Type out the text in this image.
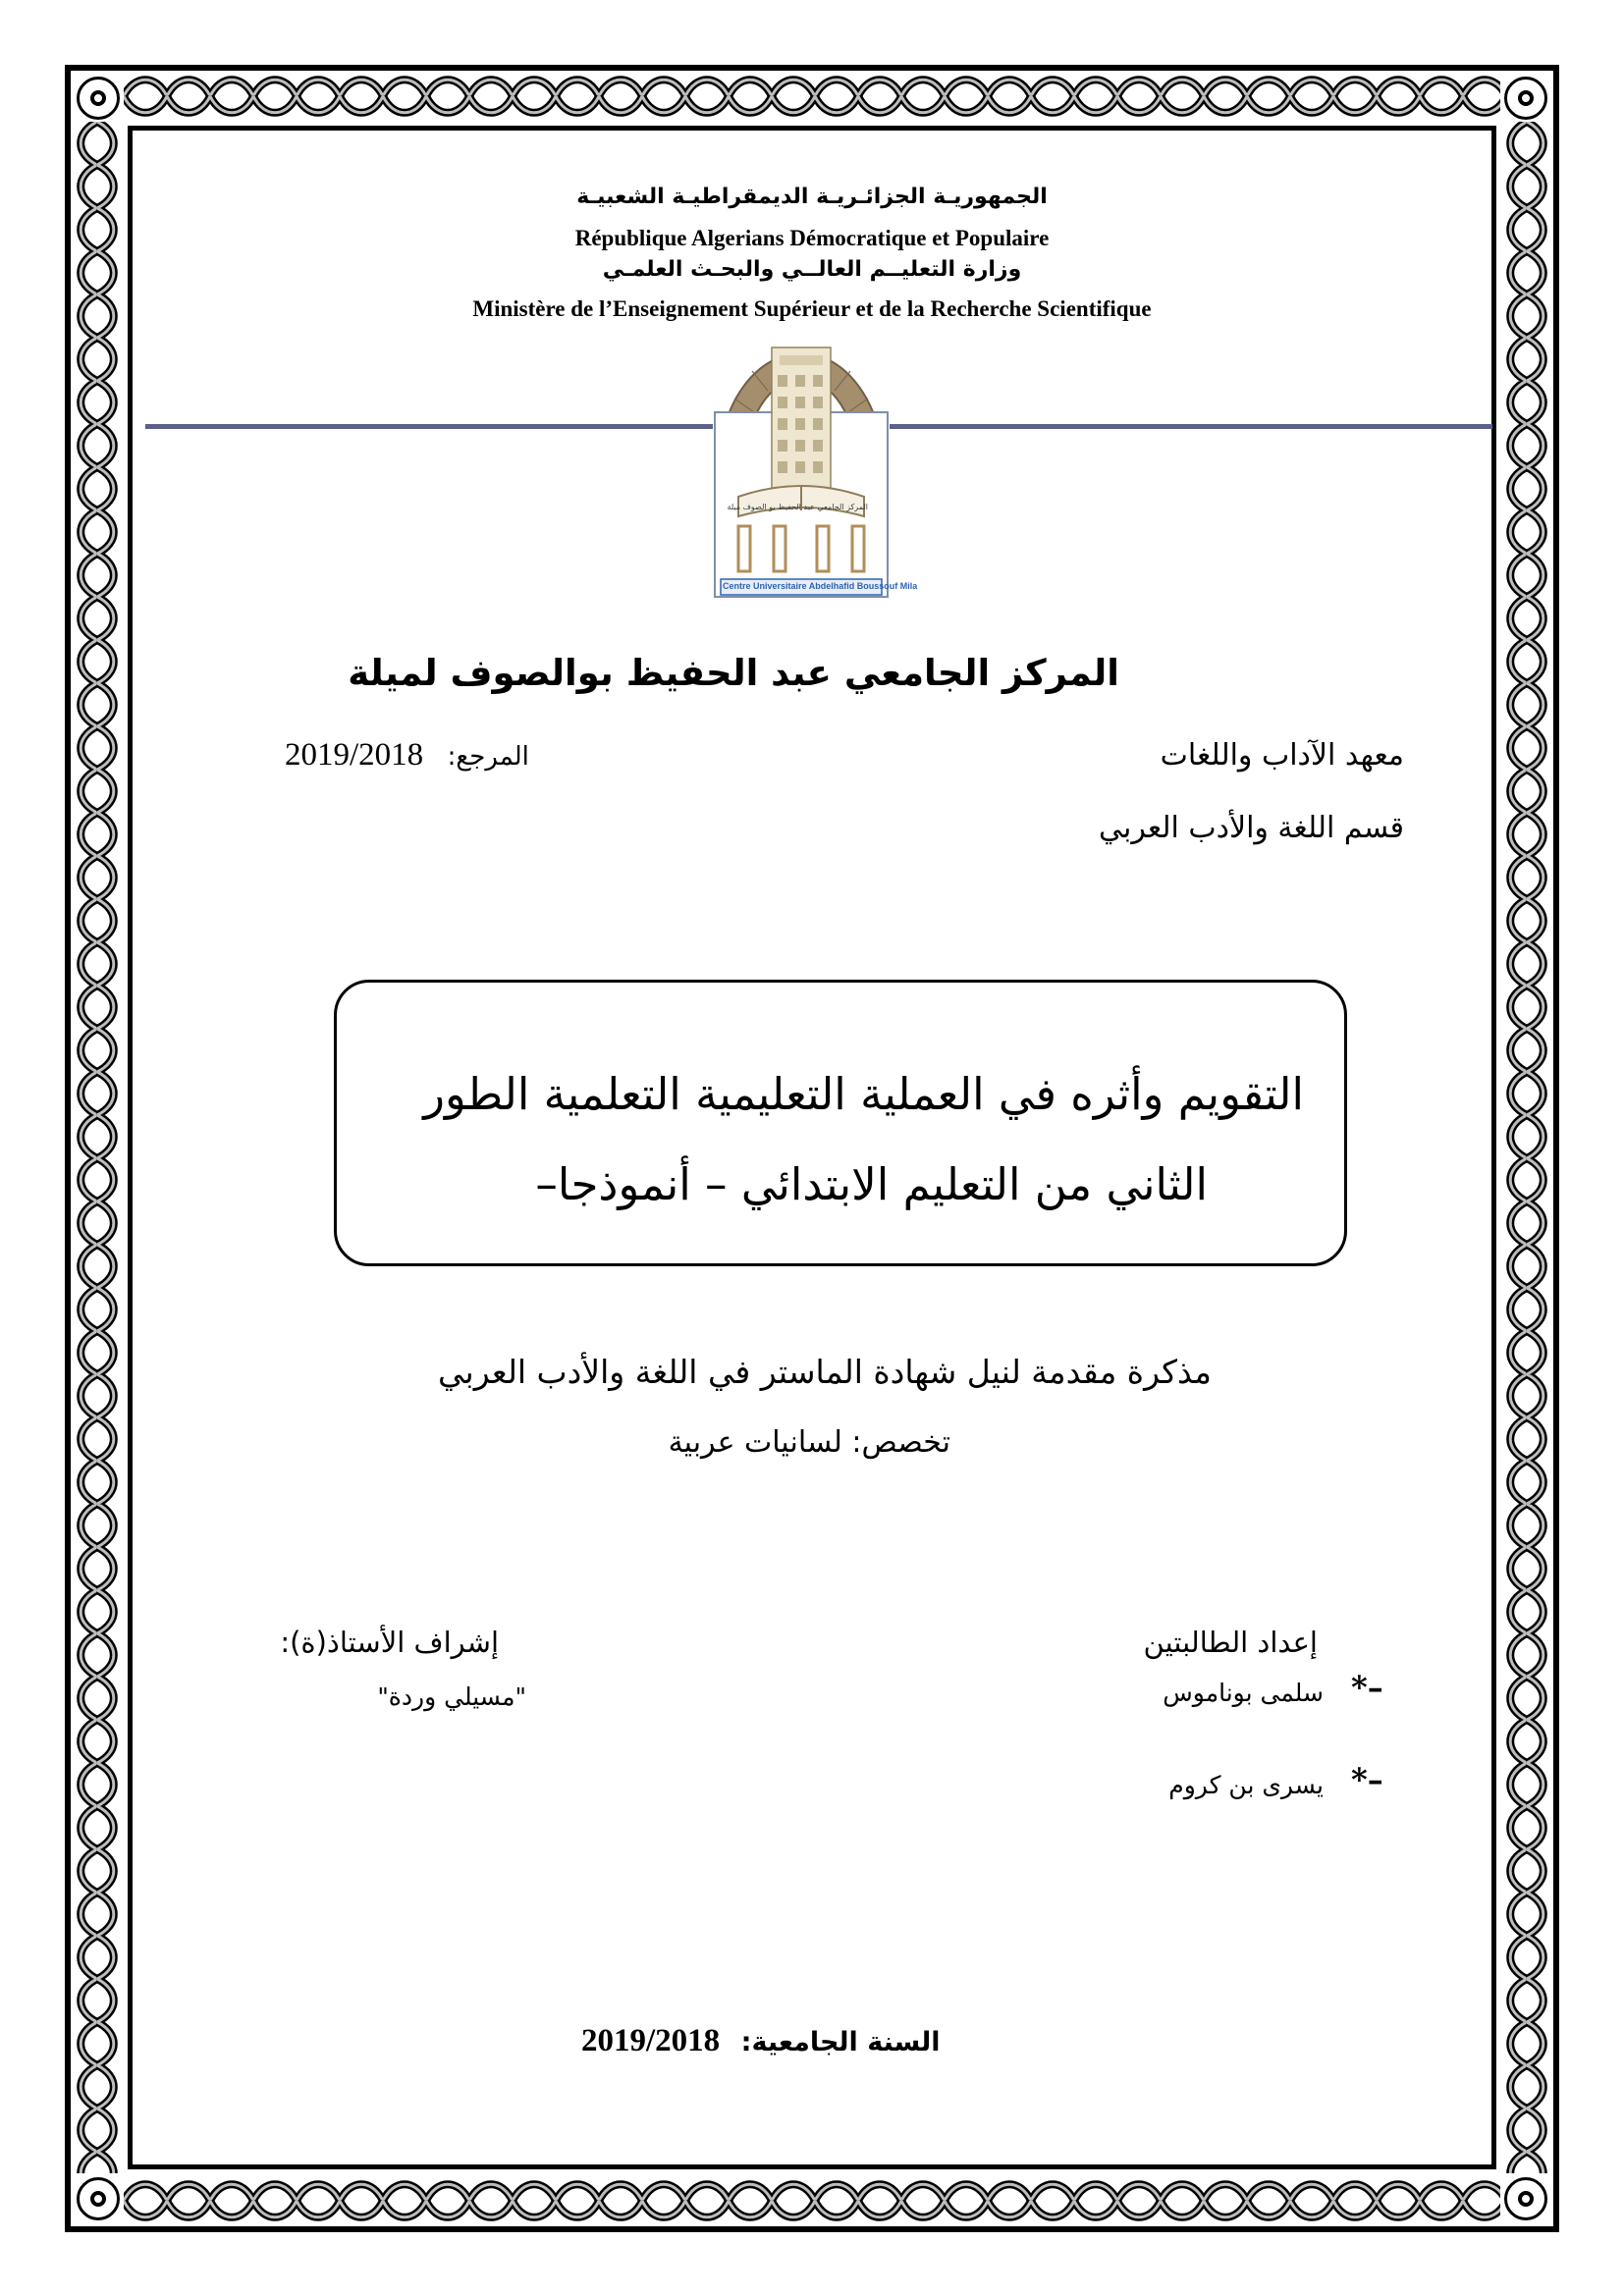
الجمهوريـة الجزائـريـة الديمقراطيـة الشعبيـة
République Algerians Démocratique et Populaire
وزارة التعليــم العالــي والبحـث العلمـي
Ministère de l’Enseignement Supérieur et de la Recherche Scientifique
المركز الجامعي عبد الحفيظ بو الصوف ميلة
Centre Universitaire Abdelhafid Boussouf Mila
المركز الجامعي عبد الحفيظ بوالصوف لميلة
معهد الآداب واللغات
2019/2018 المرجع:
قسم اللغة والأدب العربي
التقويم وأثره في العملية التعليمية التعلمية الطور
الثاني من التعليم الابتدائي – أنموذجا–
مذكرة مقدمة لنيل شهادة الماستر في اللغة والأدب العربي
تخصص: لسانيات عربية
إعداد الطالبتين
*–
سلمى بوناموس
*–
يسرى بن كروم
إشراف الأستاذ(ة):
"مسيلي وردة"
2019/2018 السنة الجامعية:
